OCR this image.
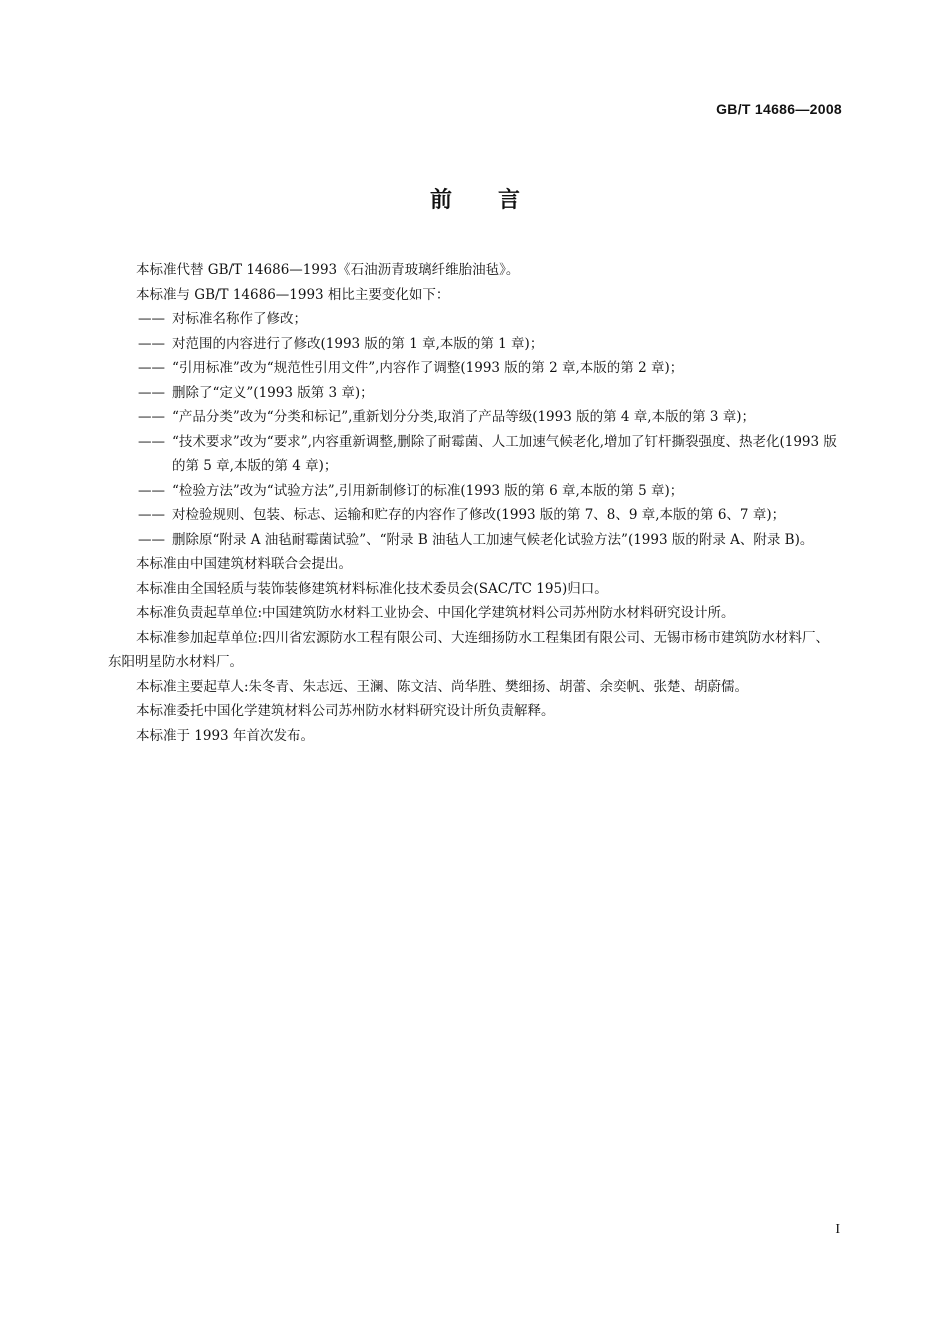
GB/T 14686—2008
前 言

本标准代替 GB/T 14686—1993《石油沥青玻璃纤维胎油毡》。

本标准与 GB/T 14686—1993 相比主要变化如下：

—— 对标准名称作了修改；

—— 对范围的内容进行了修改(1993 版的第 1 章,本版的第 1 章)；

—— “引用标准”改为“规范性引用文件”,内容作了调整(1993 版的第 2 章,本版的第 2 章)；

—— 删除了“定义”(1993 版第 3 章)；

—— “产品分类”改为“分类和标记”,重新划分分类,取消了产品等级(1993 版的第 4 章,本版的第 3 章)；

—— “技术要求”改为“要求”,内容重新调整,删除了耐霉菌、人工加速气候老化,增加了钉杆撕裂强度、热老化(1993 版的第 5 章,本版的第 4 章)；

—— “检验方法”改为“试验方法”,引用新制修订的标准(1993 版的第 6 章,本版的第 5 章)；

—— 对检验规则、包装、标志、运输和贮存的内容作了修改(1993 版的第 7、8、9 章,本版的第 6、7 章)；

—— 删除原“附录 A 油毡耐霉菌试验”、“附录 B 油毡人工加速气候老化试验方法”(1993 版的附录 A、附录 B)。

本标准由中国建筑材料联合会提出。

本标准由全国轻质与装饰装修建筑材料标准化技术委员会(SAC/TC 195)归口。

本标准负责起草单位:中国建筑防水材料工业协会、中国化学建筑材料公司苏州防水材料研究设计所。

本标准参加起草单位:四川省宏源防水工程有限公司、大连细扬防水工程集团有限公司、无锡市杨市建筑防水材料厂、东阳明星防水材料厂。

本标准主要起草人:朱冬青、朱志远、王澜、陈文洁、尚华胜、樊细扬、胡蕾、余奕帆、张楚、胡蔚儒。

本标准委托中国化学建筑材料公司苏州防水材料研究设计所负责解释。

本标准于 1993 年首次发布。

I
